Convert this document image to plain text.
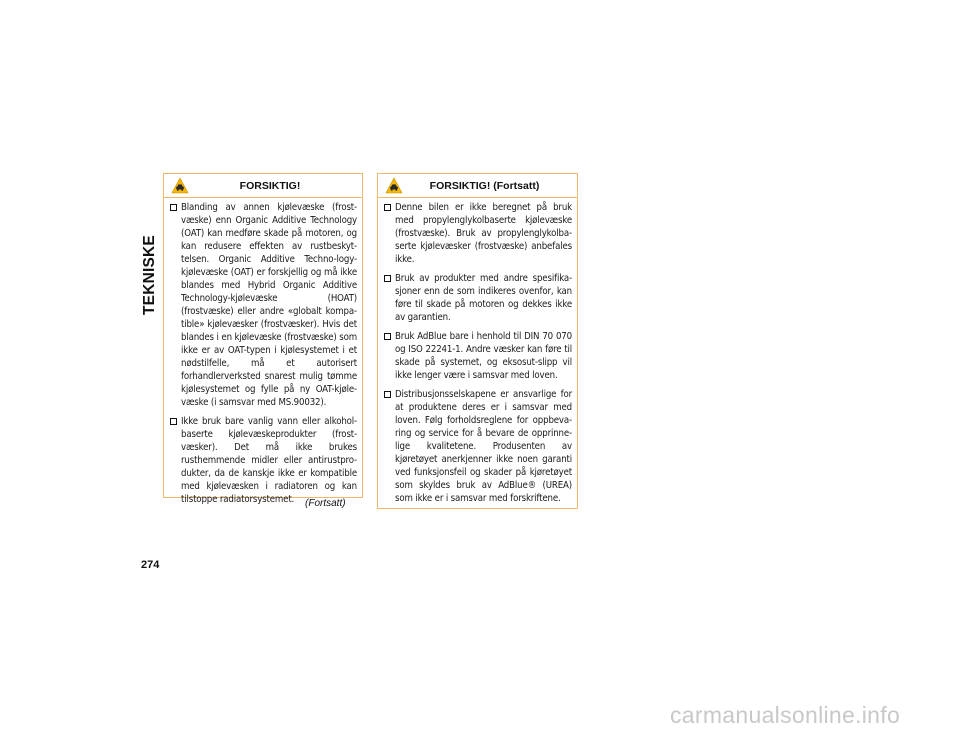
TEKNISKE
FORSIKTIG!
Blanding av annen kjølevæske (frost-væske) enn Organic Additive Technology (OAT) kan medføre skade på motoren, og kan redusere effekten av rustbeskyt-telsen. Organic Additive Techno-logy-kjølevæske (OAT) er forskjellig og må ikke blandes med Hybrid Organic Additive Technology-kjølevæske (HOAT) (frostvæske) eller andre «globalt kompa-tible» kjølevæsker (frostvæsker). Hvis det blandes i en kjølevæske (frostvæske) som ikke er av OAT-typen i kjølesystemet i et nødstilfelle, må et autorisert forhandlerverksted snarest mulig tømme kjølesystemet og fylle på ny OAT-kjøle-væske (i samsvar med MS.90032).
Ikke bruk bare vanlig vann eller alkohol-baserte kjølevæskeprodukter (frost-væsker). Det må ikke brukes rusthemmende midler eller antirustpro-dukter, da de kanskje ikke er kompatible med kjølevæsken i radiatoren og kan tilstoppe radiatorsystemet.	(Fortsatt)
FORSIKTIG! (Fortsatt)
Denne bilen er ikke beregnet på bruk med propylenglykolbaserte kjølevæske (frostvæske). Bruk av propylenglykolba-serte kjølevæsker (frostvæske) anbefales ikke.
Bruk av produkter med andre spesifika-sjoner enn de som indikeres ovenfor, kan føre til skade på motoren og dekkes ikke av garantien.
Bruk AdBlue bare i henhold til DIN 70 070 og ISO 22241-1. Andre væsker kan føre til skade på systemet, og eksosut-slipp vil ikke lenger være i samsvar med loven.
Distribusjonsselskapene er ansvarlige for at produktene deres er i samsvar med loven. Følg forholdsreglene for oppbeva-ring og service for å bevare de opprinne-lige kvalitetene. Produsenten av kjøretøyet anerkjenner ikke noen garanti ved funksjonsfeil og skader på kjøretøyet som skyldes bruk av AdBlue® (UREA) som ikke er i samsvar med forskriftene.
274
carmanualsonline.info
